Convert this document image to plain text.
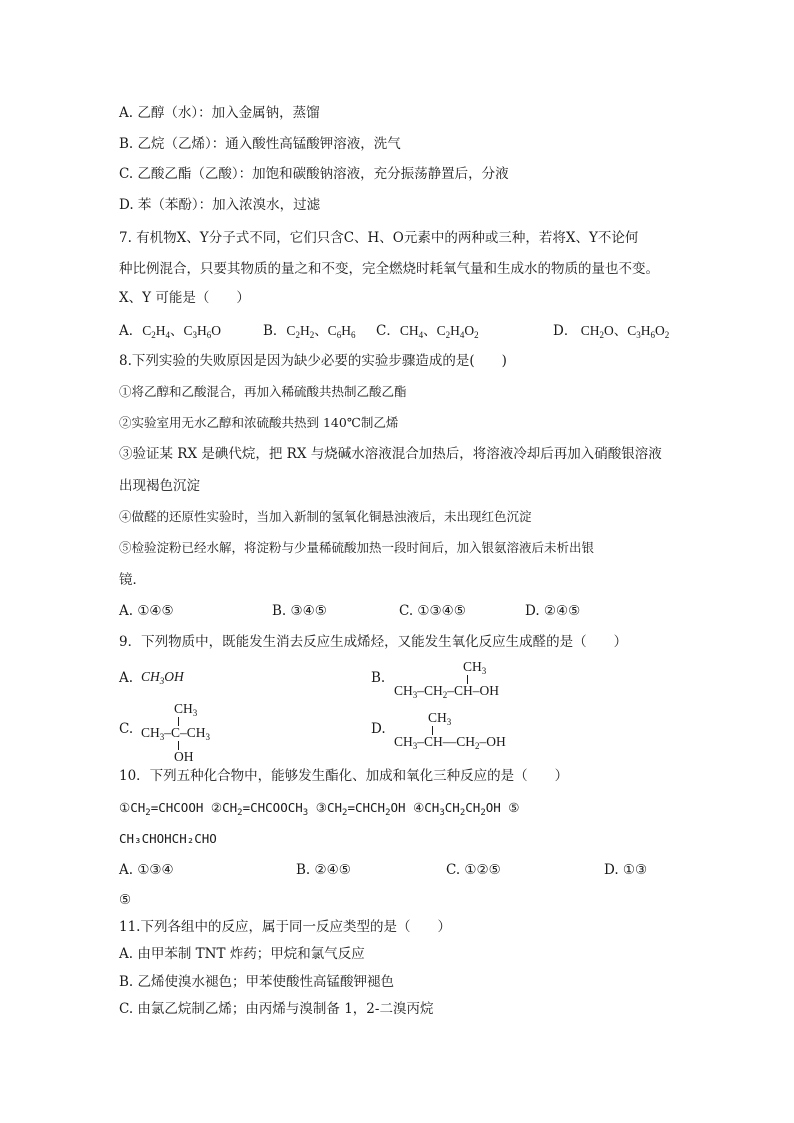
A. 乙醇（水）：加入金属钠，蒸馏
B. 乙烷（乙烯）：通入酸性高锰酸钾溶液，洗气
C. 乙酸乙酯（乙酸）：加饱和碳酸钠溶液，充分振荡静置后，分液
D. 苯（苯酚）：加入浓溴水，过滤
7. 有机物X、Y分子式不同，它们只含C、H、O元素中的两种或三种，若将X、Y不论何
种比例混合，只要其物质的量之和不变，完全燃烧时耗氧气量和生成水的物质的量也不变。
X、Y 可能是（　　）
A．$C_2H_4$、$C_3H_6O$	B．$C_2H_2$、$C_6H_6$ C．$CH_4$、$C_2H_4O_2$	D． $CH_2O$、$C_3H_6O_2$
8.下列实验的失败原因是因为缺少必要的实验步骤造成的是(　　)
①将乙醇和乙酸混合，再加入稀硫酸共热制乙酸乙酯
②实验室用无水乙醇和浓硫酸共热到 140℃制乙烯
③验证某 RX 是碘代烷，把 RX 与烧碱水溶液混合加热后，将溶液冷却后再加入硝酸银溶液
出现褐色沉淀
④做醛的还原性实验时，当加入新制的氢氧化铜悬浊液后，未出现红色沉淀
⑤检验淀粉已经水解，将淀粉与少量稀硫酸加热一段时间后，加入银氨溶液后未析出银
镜．
A. ①④⑤	B. ③④⑤	C. ①③④⑤	D. ②④⑤
9．下列物质中，既能发生消去反应生成烯烃，又能发生氧化反应生成醛的是（　　）
A. $CH_3OH$	B.
$CH_3$
$CH_3-CH_2-CH-OH$
C.
$CH_3$
$CH_3-C-CH_3$
OH
D.
$CH_3$
$CH_3-CH—CH_2-OH$
10．下列五种化合物中，能够发生酯化、加成和氧化三种反应的是（　　）
$①CH_2=CHCOOH$ $②CH_2=CHCOOCH_3$ $③CH_2=CHCH_2OH$ $④CH_3CH_2CH_2OH$ ⑤
CH₃CHOHCH₂CHO
A. ①③④	B. ②④⑤	C. ①②⑤	D. ①③
⑤
11.下列各组中的反应，属于同一反应类型的是（　　）
A. 由甲苯制 TNT 炸药；甲烷和氯气反应
B. 乙烯使溴水褪色；甲苯使酸性高锰酸钾褪色
C. 由氯乙烷制乙烯；由丙烯与溴制备 1，2-二溴丙烷
